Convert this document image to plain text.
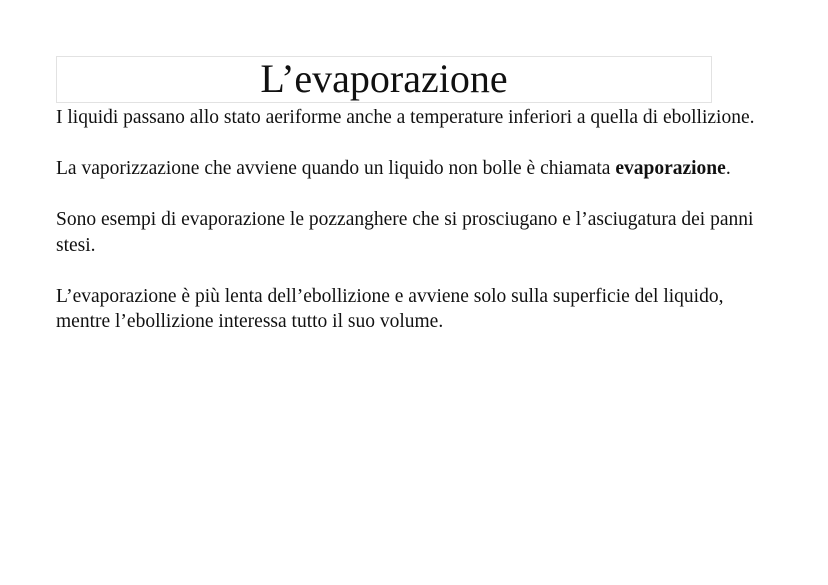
L’evaporazione

I liquidi passano allo stato aeriforme anche a temperature inferiori a quella di ebollizione.

La vaporizzazione che avviene quando un liquido non bolle è chiamata evaporazione.

Sono esempi di evaporazione le pozzanghere che si prosciugano e l’asciugatura dei panni stesi.

L’evaporazione è più lenta dell’ebollizione e avviene solo sulla superficie del liquido, mentre l’ebollizione interessa tutto il suo volume.
